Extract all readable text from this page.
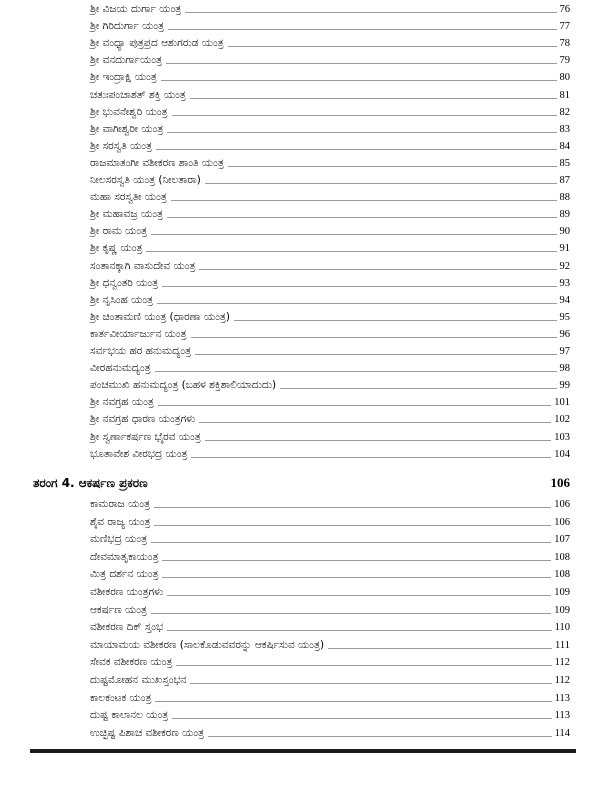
ಶ್ರೀ ವಿಜಯ ದುರ್ಗಾ ಯಂತ್ರ	76
ಶ್ರೀ ಗಿರಿದುರ್ಗಾ ಯಂತ್ರ	77
ಶ್ರೀ ವಂಧ್ಯಾ ಪುತ್ರಪ್ರದ ಆಶುಗರುಡ ಯಂತ್ರ	78
ಶ್ರೀ ವನದುರ್ಗಾಯಂತ್ರ	79
ಶ್ರೀ ಇಂದ್ರಾಕ್ಷಿ ಯಂತ್ರ	80
ಚತುಃಪಂಚಾಶತ್ ಶಕ್ತಿ ಯಂತ್ರ	81
ಶ್ರೀ ಭುವನೇಶ್ವರಿ ಯಂತ್ರ	82
ಶ್ರೀ ವಾಗೀಶ್ವರೀ ಯಂತ್ರ	83
ಶ್ರೀ ಸರಸ್ವತಿ ಯಂತ್ರ	84
ರಾಜಮಾತಂಗೀ ವಶೀಕರಣ ಶಾಂತಿ ಯಂತ್ರ	85
ನೀಲಸರಸ್ವತಿ ಯಂತ್ರ (ನೀಲತಾರಾ)	87
ಮಹಾ ಸರಸ್ವತೀ ಯಂತ್ರ	88
ಶ್ರೀ ಮಹಾವಜ್ರ ಯಂತ್ರ	89
ಶ್ರೀ ರಾಮ ಯಂತ್ರ	90
ಶ್ರೀ ಕೃಷ್ಣ ಯಂತ್ರ	91
ಸಂತಾನಕ್ಕಾಗಿ ವಾಸುದೇವ ಯಂತ್ರ	92
ಶ್ರೀ ಧನ್ವಂತರಿ ಯಂತ್ರ	93
ಶ್ರೀ ನೃಸಿಂಹ ಯಂತ್ರ	94
ಶ್ರೀ ಚಿಂತಾಮಣಿ ಯಂತ್ರ (ಧಾರಣಾ ಯಂತ್ರ)	95
ಕಾರ್ತವೀರ್ಯಾರ್ಜುನ ಯಂತ್ರ	96
ಸರ್ವಭಯ ಹರ ಹನುಮದ್ಯಂತ್ರ	97
ವೀರಹನುಮದ್ಯಂತ್ರ	98
ಪಂಚಮುಖಿ ಹನುಮದ್ಯಂತ್ರ (ಬಹಳ ಶಕ್ತಿಶಾಲಿಯಾದುದು)	99
ಶ್ರೀ ನವಗ್ರಹ ಯಂತ್ರ	101
ಶ್ರೀ ನವಗ್ರಹ ಧಾರಣ ಯಂತ್ರಗಳು	102
ಶ್ರೀ ಸ್ವರ್ಣಾಕರ್ಷಣ ಭೈರವ ಯಂತ್ರ	103
ಭೂತಾವೇಶ ವೀರಭದ್ರ ಯಂತ್ರ	104
ತರಂಗ 4. ಆಕರ್ಷಣ ಪ್ರಕರಣ	106
ಕಾಮರಾಜ ಯಂತ್ರ	106
ಶೈವ ರಾಜ್ಯ ಯಂತ್ರ	106
ಮಣಿಭದ್ರ ಯಂತ್ರ	107
ದೇವಮಾತೃಕಾಯಂತ್ರ	108
ಮಿತ್ರ ದರ್ಶನ ಯಂತ್ರ	108
ವಶೀಕರಣ ಯಂತ್ರಗಳು	109
ಆಕರ್ಷಣ ಯಂತ್ರ	109
ವಶೀಕರಣ ದಿಕ್ ಸ್ತಂಭ	110
ಮಾಯಾಮಯ ವಶೀಕರಣ (ಸಾಲಕೊಡುವವರನ್ನು ಆಕರ್ಷಿಸುವ ಯಂತ್ರ)	111
ಸೇವಕ ವಶೀಕರಣ ಯಂತ್ರ	112
ದುಷ್ಟಮೋಹನ ಮುಖಸ್ತಂಭನ	112
ಕಾಲಕಂಟಕ ಯಂತ್ರ	113
ದುಷ್ಟ ಕಾಲಾನಲ ಯಂತ್ರ	113
ಉಚ್ಛಿಷ್ಟ ಪಿಶಾಚ ವಶೀಕರಣ ಯಂತ್ರ	114
